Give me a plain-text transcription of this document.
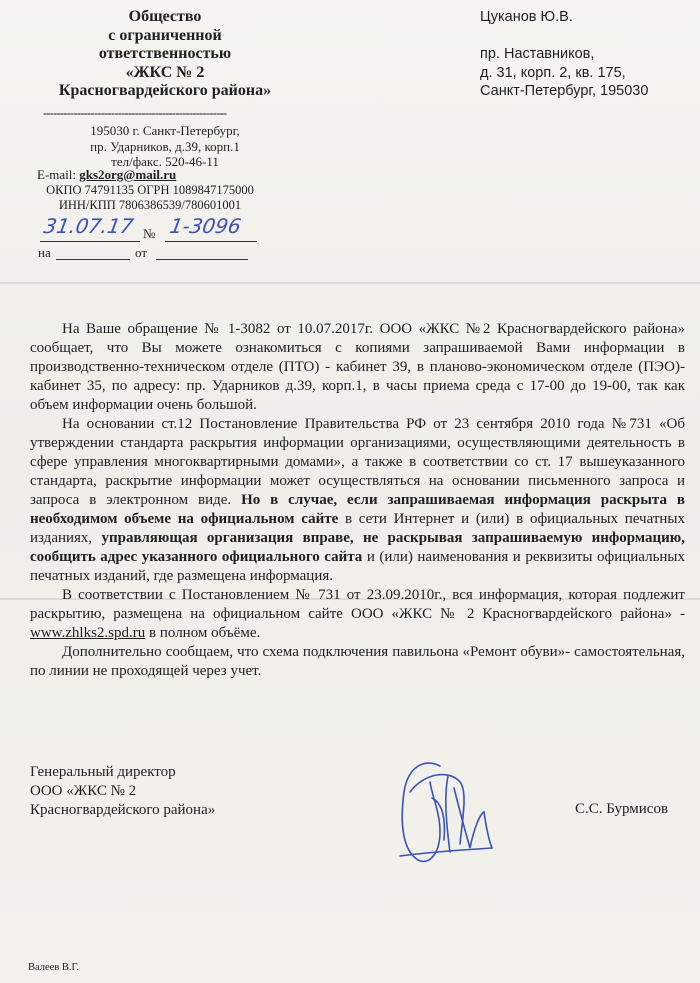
Общество
с ограниченной
ответственностью
«ЖКС № 2
Красногвардейского района»
------------------------------------------------------
195030 г. Санкт-Петербург,
пр. Ударников, д.39, корп.1
тел/факс. 520-46-11
E-mail: gks2org@mail.ru
ОКПО 74791135 ОГРН 1089847175000
ИНН/КПП 7806386539/780601001
31.07.17 № 1-3096
на	от
Цуканов Ю.В.
пр. Наставников,
д. 31, корп. 2, кв. 175,
Санкт-Петербург, 195030

На Ваше обращение № 1-3082 от 10.07.2017г. ООО «ЖКС №2 Красногвардейского района» сообщает, что Вы можете ознакомиться с копиями запрашиваемой Вами информации в производственно-техническом отделе (ПТО) - кабинет 39, в планово-экономическом отделе (ПЭО)- кабинет 35, по адресу: пр. Ударников д.39, корп.1, в часы приема среда с 17-00 до 19-00, так как объем информации очень большой.

На основании ст.12 Постановление Правительства РФ от 23 сентября 2010 года №731 «Об утверждении стандарта раскрытия информации организациями, осуществляющими деятельность в сфере управления многоквартирными домами», а также в соответствии со ст. 17 вышеуказанного стандарта, раскрытие информации может осуществляться на основании письменного запроса и запроса в электронном виде. Но в случае, если запрашиваемая информация раскрыта в необходимом объеме на официальном сайте в сети Интернет и (или) в официальных печатных изданиях, управляющая организация вправе, не раскрывая запрашиваемую информацию, сообщить адрес указанного официального сайта и (или) наименования и реквизиты официальных печатных изданий, где размещена информация.

В соответствии с Постановлением № 731 от 23.09.2010г., вся информация, которая подлежит раскрытию, размещена на официальном сайте ООО «ЖКС № 2 Красногвардейского района» - www.zhlks2.spd.ru в полном объёме.

Дополнительно сообщаем, что схема подключения павильона «Ремонт обуви»- самостоятельная, по линии не проходящей через учет.

Генеральный директор
ООО «ЖКС № 2
Красногвардейского района»	С.С. Бурмисов
Валеев В.Г.
